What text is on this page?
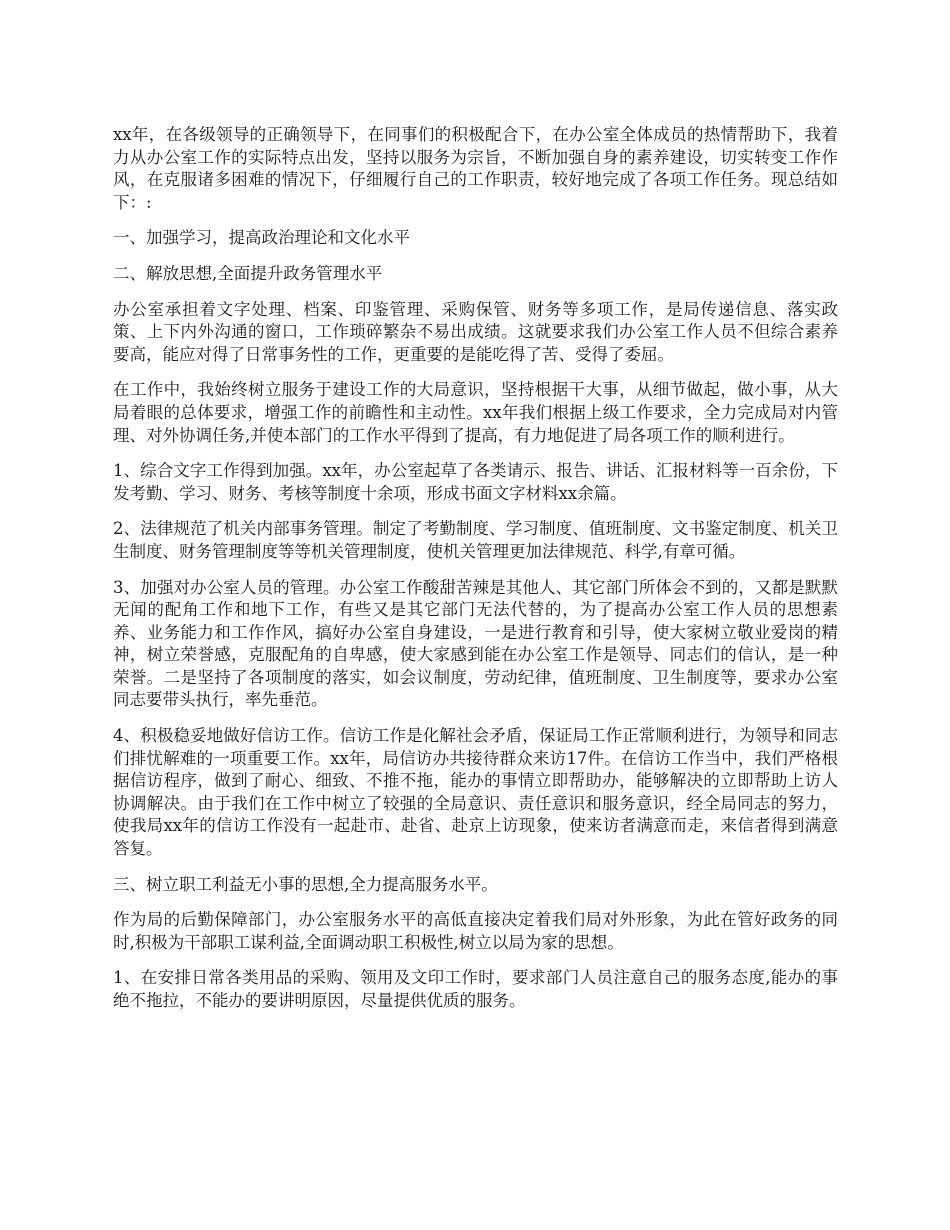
xx年，在各级领导的正确领导下，在同事们的积极配合下，在办公室全体成员的热情帮助下，我着力从办公室工作的实际特点出发，坚持以服务为宗旨，不断加强自身的素养建设，切实转变工作作风，在克服诸多困难的情况下，仔细履行自己的工作职责，较好地完成了各项工作任务。现总结如下：:

一、加强学习，提高政治理论和文化水平

二、解放思想,全面提升政务管理水平

办公室承担着文字处理、档案、印鉴管理、采购保管、财务等多项工作，是局传递信息、落实政策、上下内外沟通的窗口，工作琐碎繁杂不易出成绩。这就要求我们办公室工作人员不但综合素养要高，能应对得了日常事务性的工作，更重要的是能吃得了苦、受得了委屈。

在工作中，我始终树立服务于建设工作的大局意识，坚持根据干大事，从细节做起，做小事，从大局着眼的总体要求，增强工作的前瞻性和主动性。xx年我们根据上级工作要求，全力完成局对内管理、对外协调任务,并使本部门的工作水平得到了提高，有力地促进了局各项工作的顺利进行。

1、综合文字工作得到加强。xx年，办公室起草了各类请示、报告、讲话、汇报材料等一百余份，下发考勤、学习、财务、考核等制度十余项，形成书面文字材料xx余篇。

2、法律规范了机关内部事务管理。制定了考勤制度、学习制度、值班制度、文书鉴定制度、机关卫生制度、财务管理制度等等机关管理制度，使机关管理更加法律规范、科学,有章可循。

3、加强对办公室人员的管理。办公室工作酸甜苦辣是其他人、其它部门所体会不到的，又都是默默无闻的配角工作和地下工作，有些又是其它部门无法代替的，为了提高办公室工作人员的思想素养、业务能力和工作作风，搞好办公室自身建设，一是进行教育和引导，使大家树立敬业爱岗的精神，树立荣誉感，克服配角的自卑感，使大家感到能在办公室工作是领导、同志们的信认，是一种荣誉。二是坚持了各项制度的落实，如会议制度，劳动纪律，值班制度、卫生制度等，要求办公室同志要带头执行，率先垂范。

4、积极稳妥地做好信访工作。信访工作是化解社会矛盾，保证局工作正常顺利进行，为领导和同志们排忧解难的一项重要工作。xx年，局信访办共接待群众来访17件。在信访工作当中，我们严格根据信访程序，做到了耐心、细致、不推不拖，能办的事情立即帮助办，能够解决的立即帮助上访人协调解决。由于我们在工作中树立了较强的全局意识、责任意识和服务意识，经全局同志的努力，使我局xx年的信访工作没有一起赴市、赴省、赴京上访现象，使来访者满意而走，来信者得到满意答复。

三、树立职工利益无小事的思想,全力提高服务水平。

作为局的后勤保障部门，办公室服务水平的高低直接决定着我们局对外形象，为此在管好政务的同时,积极为干部职工谋利益,全面调动职工积极性,树立以局为家的思想。

1、在安排日常各类用品的采购、领用及文印工作时，要求部门人员注意自己的服务态度,能办的事绝不拖拉，不能办的要讲明原因，尽量提供优质的服务。
